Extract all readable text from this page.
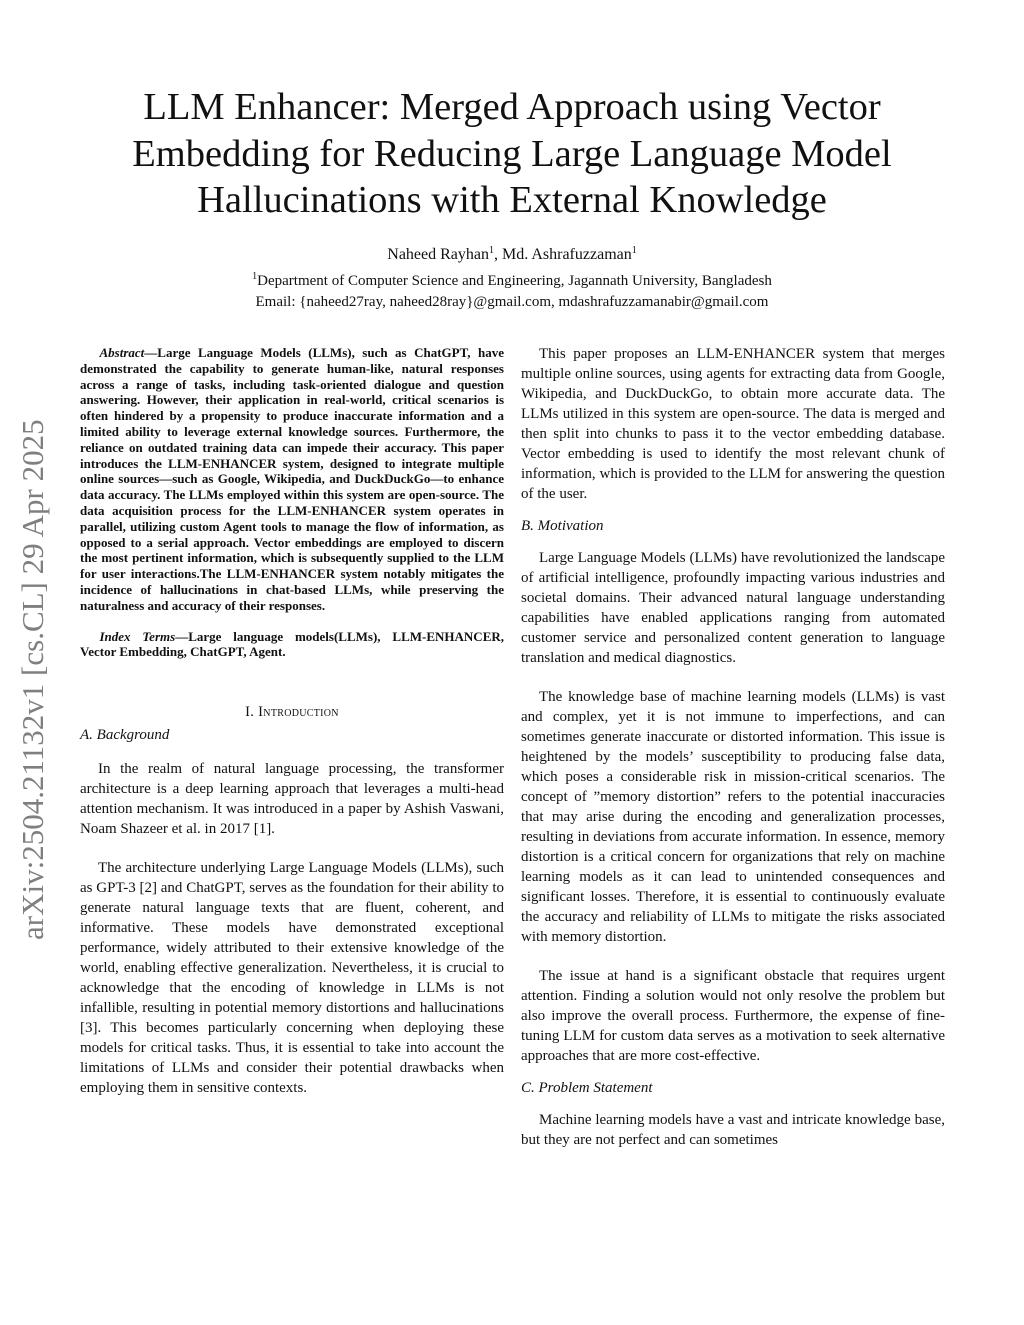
arXiv:2504.21132v1 [cs.CL] 29 Apr 2025
LLM Enhancer: Merged Approach using Vector Embedding for Reducing Large Language Model Hallucinations with External Knowledge
Naheed Rayhan$^1$, Md. Ashrafuzzaman$^1$
$^1$Department of Computer Science and Engineering, Jagannath University, Bangladesh
Email: {naheed27ray, naheed28ray}@gmail.com, mdashrafuzzamanabir@gmail.com

Abstract—Large Language Models (LLMs), such as ChatGPT, have demonstrated the capability to generate human-like, natural responses across a range of tasks, including task-oriented dialogue and question answering. However, their application in real-world, critical scenarios is often hindered by a propensity to produce inaccurate information and a limited ability to leverage external knowledge sources. Furthermore, the reliance on outdated training data can impede their accuracy. This paper introduces the LLM-ENHANCER system, designed to integrate multiple online sources—such as Google, Wikipedia, and DuckDuckGo—to enhance data accuracy. The LLMs employed within this system are open-source. The data acquisition process for the LLM-ENHANCER system operates in parallel, utilizing custom Agent tools to manage the flow of information, as opposed to a serial approach. Vector embeddings are employed to discern the most pertinent information, which is subsequently supplied to the LLM for user interactions.The LLM-ENHANCER system notably mitigates the incidence of hallucinations in chat-based LLMs, while preserving the naturalness and accuracy of their responses.

Index Terms—Large language models(LLMs), LLM-ENHANCER, Vector Embedding, ChatGPT, Agent.

I. Introduction
A. Background

In the realm of natural language processing, the transformer architecture is a deep learning approach that leverages a multi-head attention mechanism. It was introduced in a paper by Ashish Vaswani, Noam Shazeer et al. in 2017 [1].

The architecture underlying Large Language Models (LLMs), such as GPT-3 [2] and ChatGPT, serves as the foundation for their ability to generate natural language texts that are fluent, coherent, and informative. These models have demonstrated exceptional performance, widely attributed to their extensive knowledge of the world, enabling effective generalization. Nevertheless, it is crucial to acknowledge that the encoding of knowledge in LLMs is not infallible, resulting in potential memory distortions and hallucinations [3]. This becomes particularly concerning when deploying these models for critical tasks. Thus, it is essential to take into account the limitations of LLMs and consider their potential drawbacks when employing them in sensitive contexts.

This paper proposes an LLM-ENHANCER system that merges multiple online sources, using agents for extracting data from Google, Wikipedia, and DuckDuckGo, to obtain more accurate data. The LLMs utilized in this system are open-source. The data is merged and then split into chunks to pass it to the vector embedding database. Vector embedding is used to identify the most relevant chunk of information, which is provided to the LLM for answering the question of the user.

B. Motivation

Large Language Models (LLMs) have revolutionized the landscape of artificial intelligence, profoundly impacting various industries and societal domains. Their advanced natural language understanding capabilities have enabled applications ranging from automated customer service and personalized content generation to language translation and medical diagnostics.

The knowledge base of machine learning models (LLMs) is vast and complex, yet it is not immune to imperfections, and can sometimes generate inaccurate or distorted information. This issue is heightened by the models’ susceptibility to producing false data, which poses a considerable risk in mission-critical scenarios. The concept of ”memory distortion” refers to the potential inaccuracies that may arise during the encoding and generalization processes, resulting in deviations from accurate information. In essence, memory distortion is a critical concern for organizations that rely on machine learning models as it can lead to unintended consequences and significant losses. Therefore, it is essential to continuously evaluate the accuracy and reliability of LLMs to mitigate the risks associated with memory distortion.

The issue at hand is a significant obstacle that requires urgent attention. Finding a solution would not only resolve the problem but also improve the overall process. Furthermore, the expense of fine-tuning LLM for custom data serves as a motivation to seek alternative approaches that are more cost-effective.

C. Problem Statement

Machine learning models have a vast and intricate knowledge base, but they are not perfect and can sometimes
